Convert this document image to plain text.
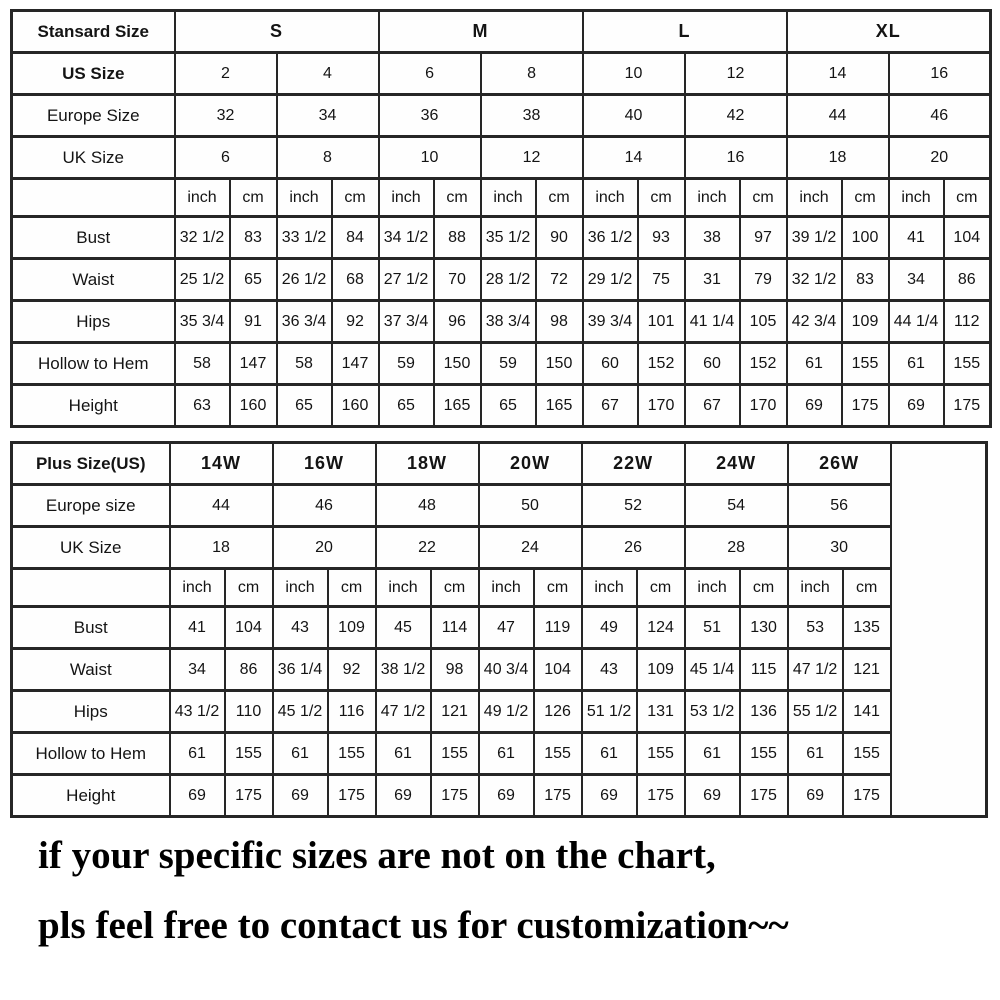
Stansard Size	S				M				L				XL			
US Size	2		4		6		8		10		12		14		16	
Europe Size	32		34		36		38		40		42		44		46	
UK Size	6		8		10		12		14		16		18		20	
	inch	cm	inch	cm	inch	cm	inch	cm	inch	cm	inch	cm	inch	cm	inch	cm
Bust	32 1/2	83	33 1/2	84	34 1/2	88	35 1/2	90	36 1/2	93	38	97	39 1/2	100	41	104
Waist	25 1/2	65	26 1/2	68	27 1/2	70	28 1/2	72	29 1/2	75	31	79	32 1/2	83	34	86
Hips	35 3/4	91	36 3/4	92	37 3/4	96	38 3/4	98	39 3/4	101	41 1/4	105	42 3/4	109	44 1/4	112
Hollow to Hem	58	147	58	147	59	150	59	150	60	152	60	152	61	155	61	155
Height	63	160	65	160	65	165	65	165	67	170	67	170	69	175	69	175
Plus Size(US)	14W		16W		18W		20W		22W		24W		26W		
Europe size	44		46		48		50		52		54		56		
UK Size	18		20		22		24		26		28		30		
	inch	cm	inch	cm	inch	cm	inch	cm	inch	cm	inch	cm	inch	cm	
Bust	41	104	43	109	45	114	47	119	49	124	51	130	53	135	
Waist	34	86	36 1/4	92	38 1/2	98	40 3/4	104	43	109	45 1/4	115	47 1/2	121	
Hips	43 1/2	110	45 1/2	116	47 1/2	121	49 1/2	126	51 1/2	131	53 1/2	136	55 1/2	141	
Hollow to Hem	61	155	61	155	61	155	61	155	61	155	61	155	61	155	
Height	69	175	69	175	69	175	69	175	69	175	69	175	69	175	
if your specific sizes are not on the chart,
pls feel free to contact us for customization~~
